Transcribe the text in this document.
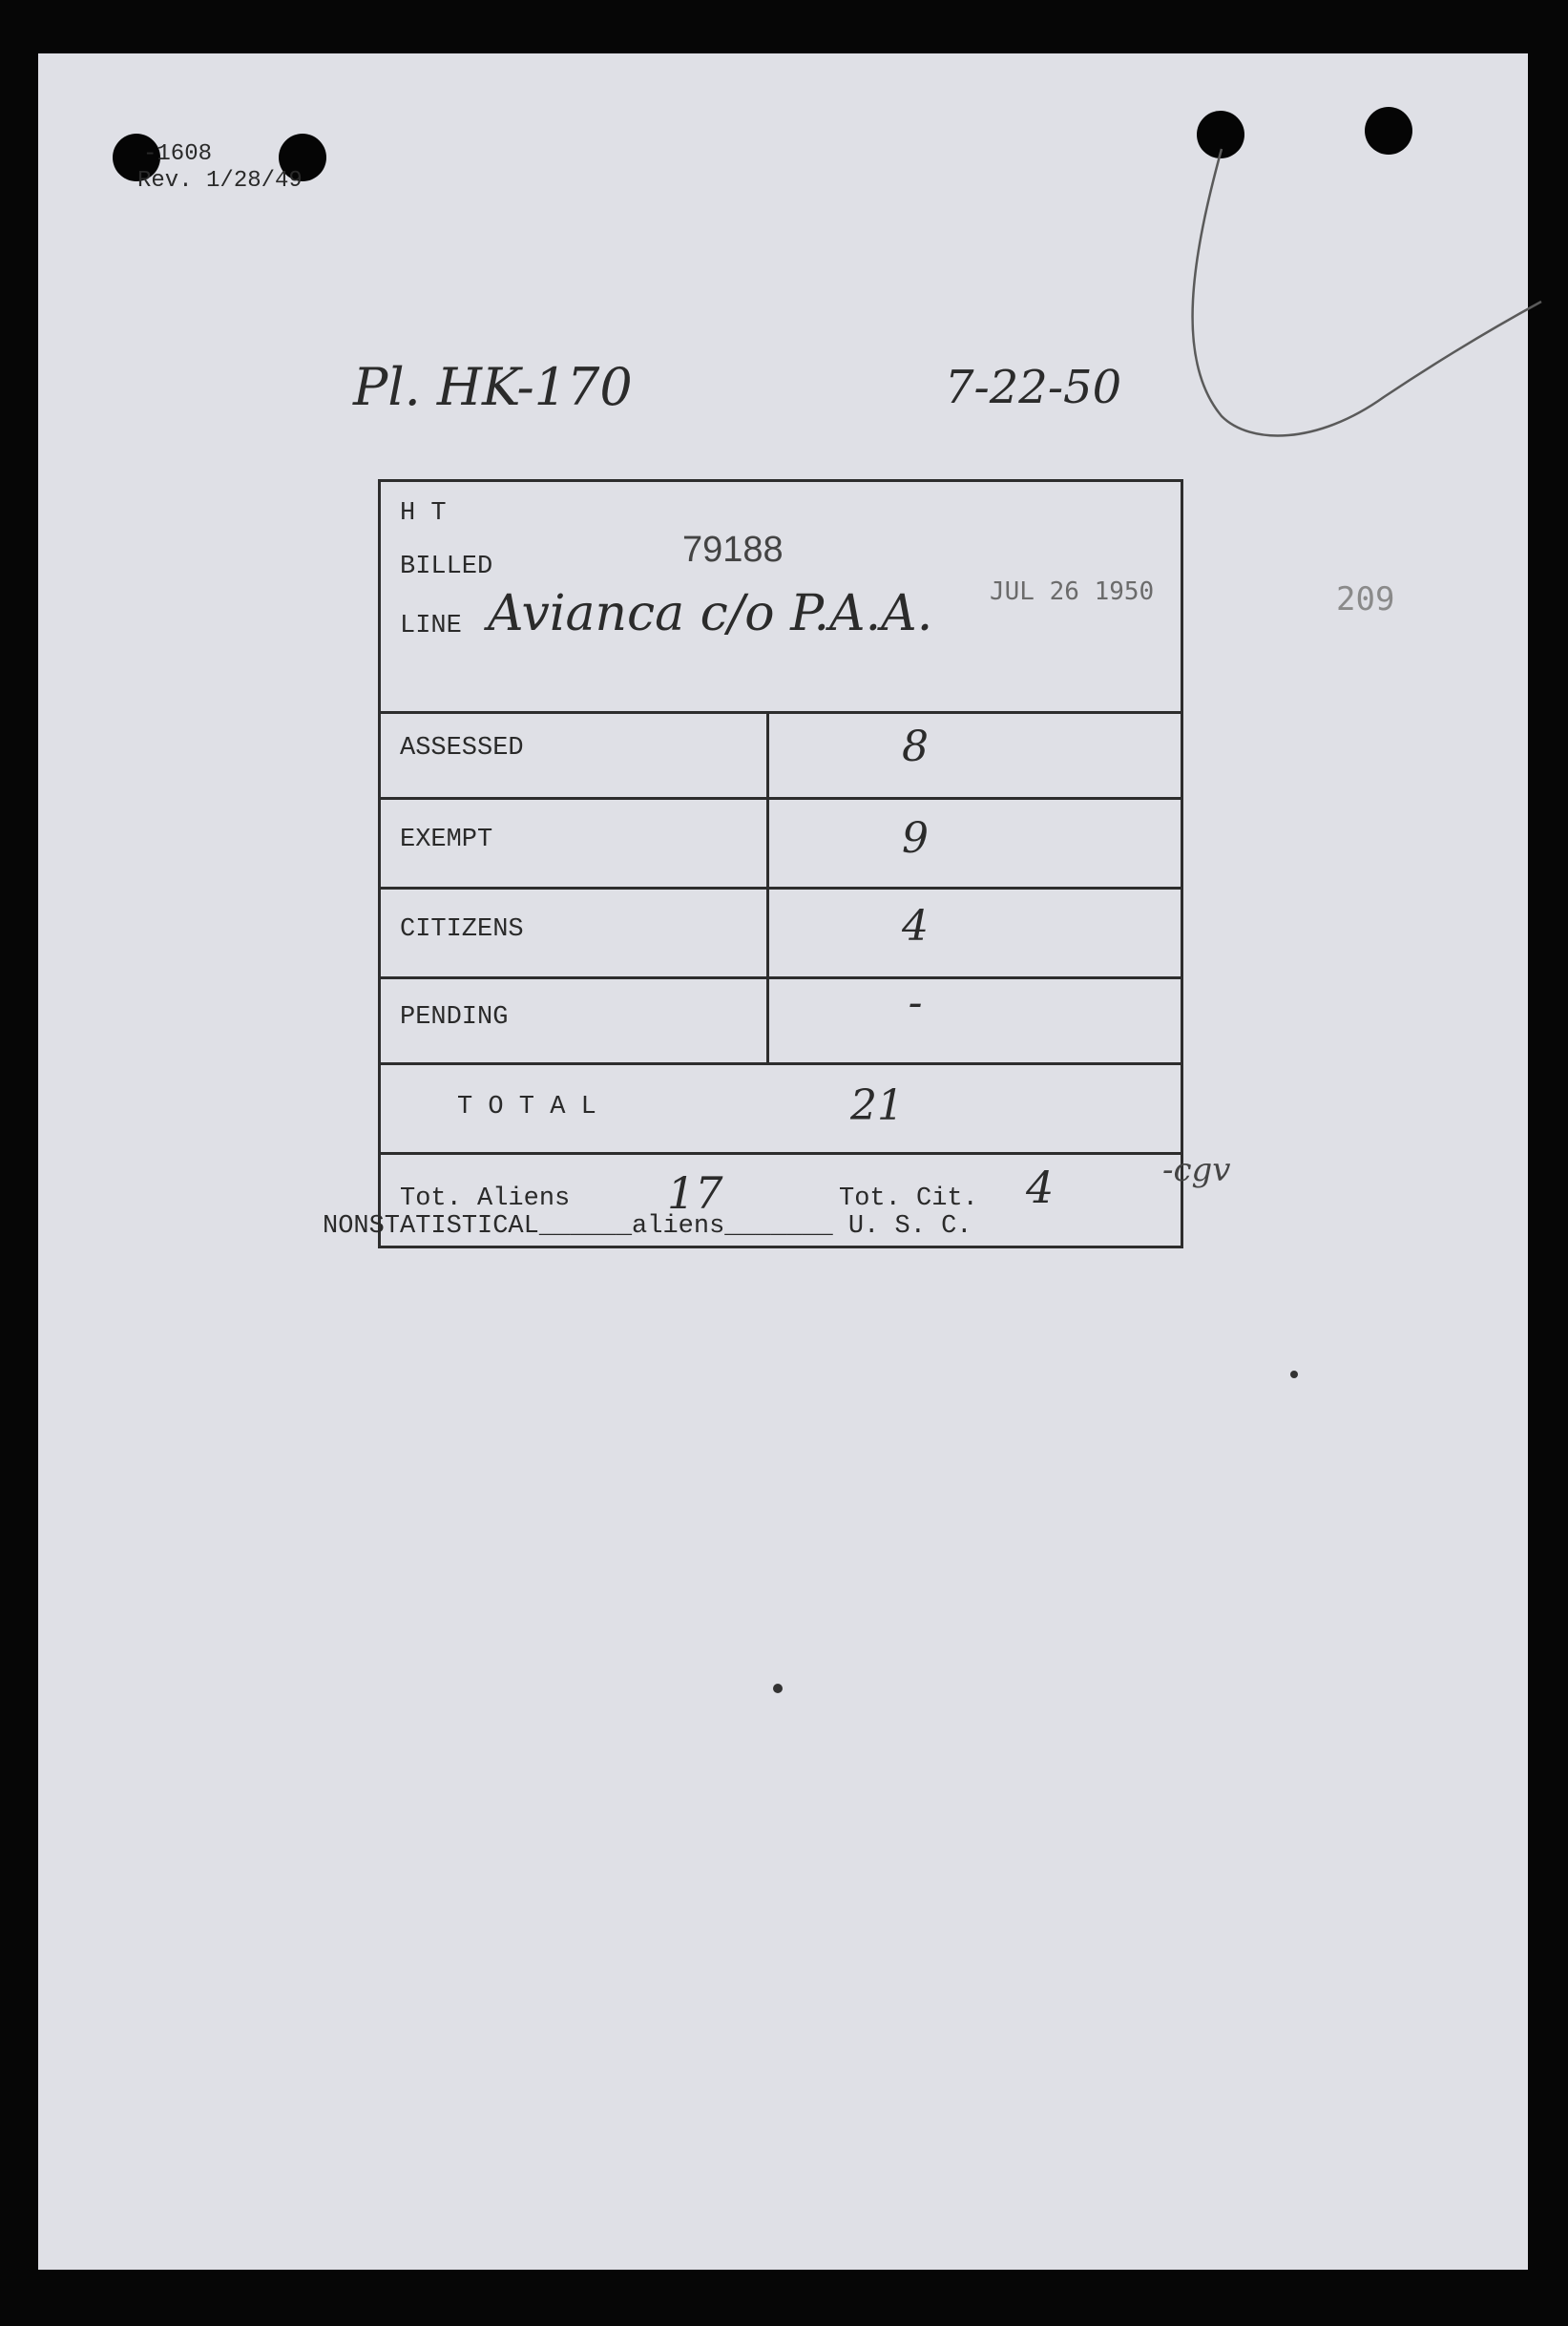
-1608
Rev. 1/28/49
Pl. HK-170	7-22-50
209
H T
BILLED	79188
LINE Avianca c/o P.A.A. JUL 26 1950
ASSESSED	8
EXEMPT	9
CITIZENS	4
PENDING	-
T O T A L	21
Tot. Aliens 17	Tot. Cit. 4	-cgv
NONSTATISTICAL______aliens_______ U. S. C.
